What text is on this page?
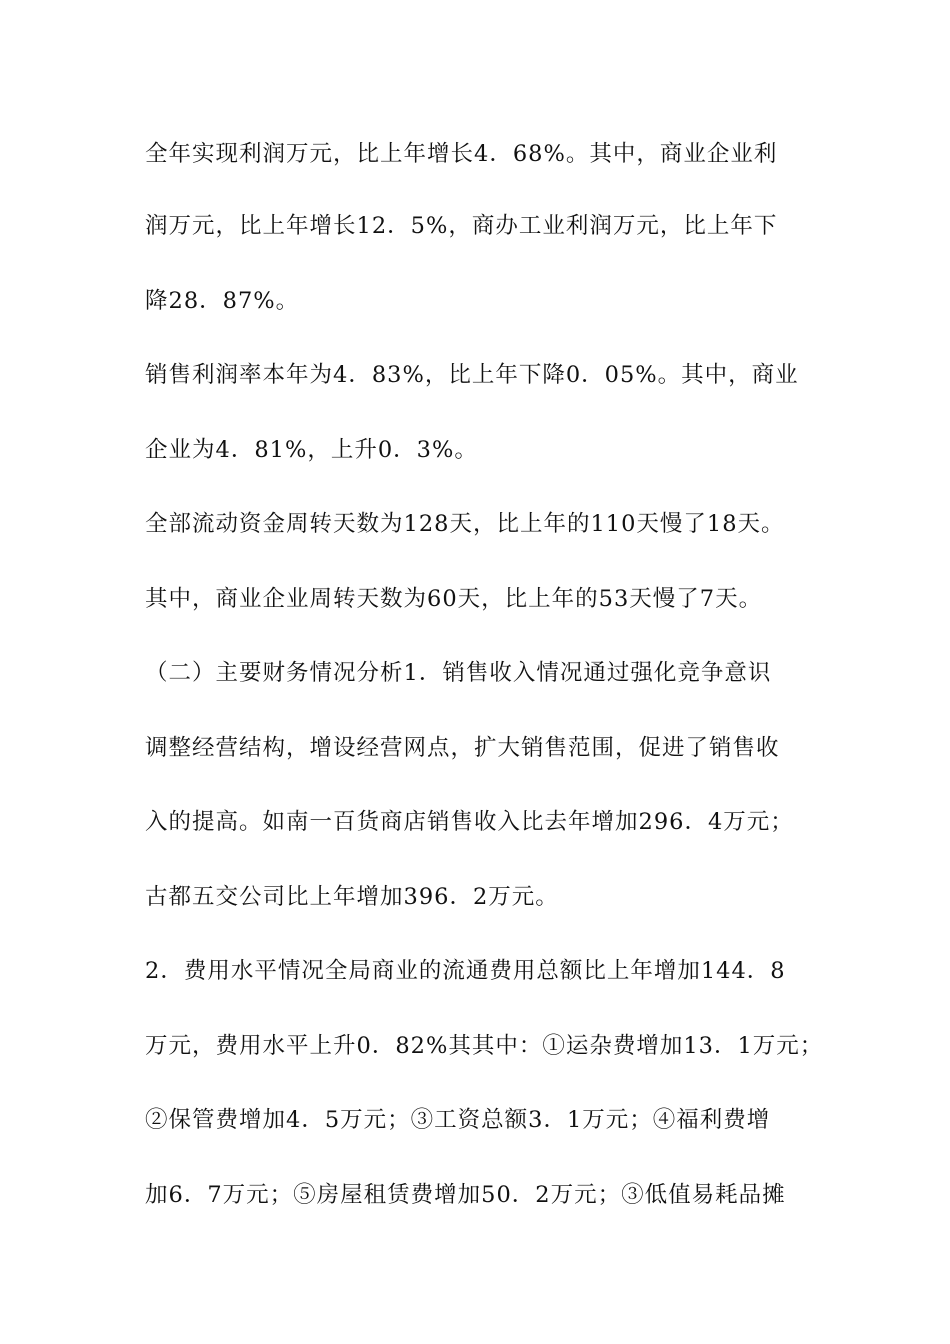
全年实现利润万元，比上年增长4．68%。其中，商业企业利
润万元，比上年增长12．5%，商办工业利润万元，比上年下
降28．87%。
销售利润率本年为4．83%，比上年下降0．05%。其中，商业
企业为4．81%，上升0．3%。
全部流动资金周转天数为128天，比上年的110天慢了18天。
其中，商业企业周转天数为60天，比上年的53天慢了7天。
（二）主要财务情况分析1．销售收入情况通过强化竞争意识
调整经营结构，增设经营网点，扩大销售范围，促进了销售收
入的提高。如南一百货商店销售收入比去年增加296．4万元；
古都五交公司比上年增加396．2万元。
2．费用水平情况全局商业的流通费用总额比上年增加144．8
万元，费用水平上升0．82%其其中：①运杂费增加13．1万元；
②保管费增加4．5万元；③工资总额3．1万元；④福利费增
加6．7万元；⑤房屋租赁费增加50．2万元；③低值易耗品摊
